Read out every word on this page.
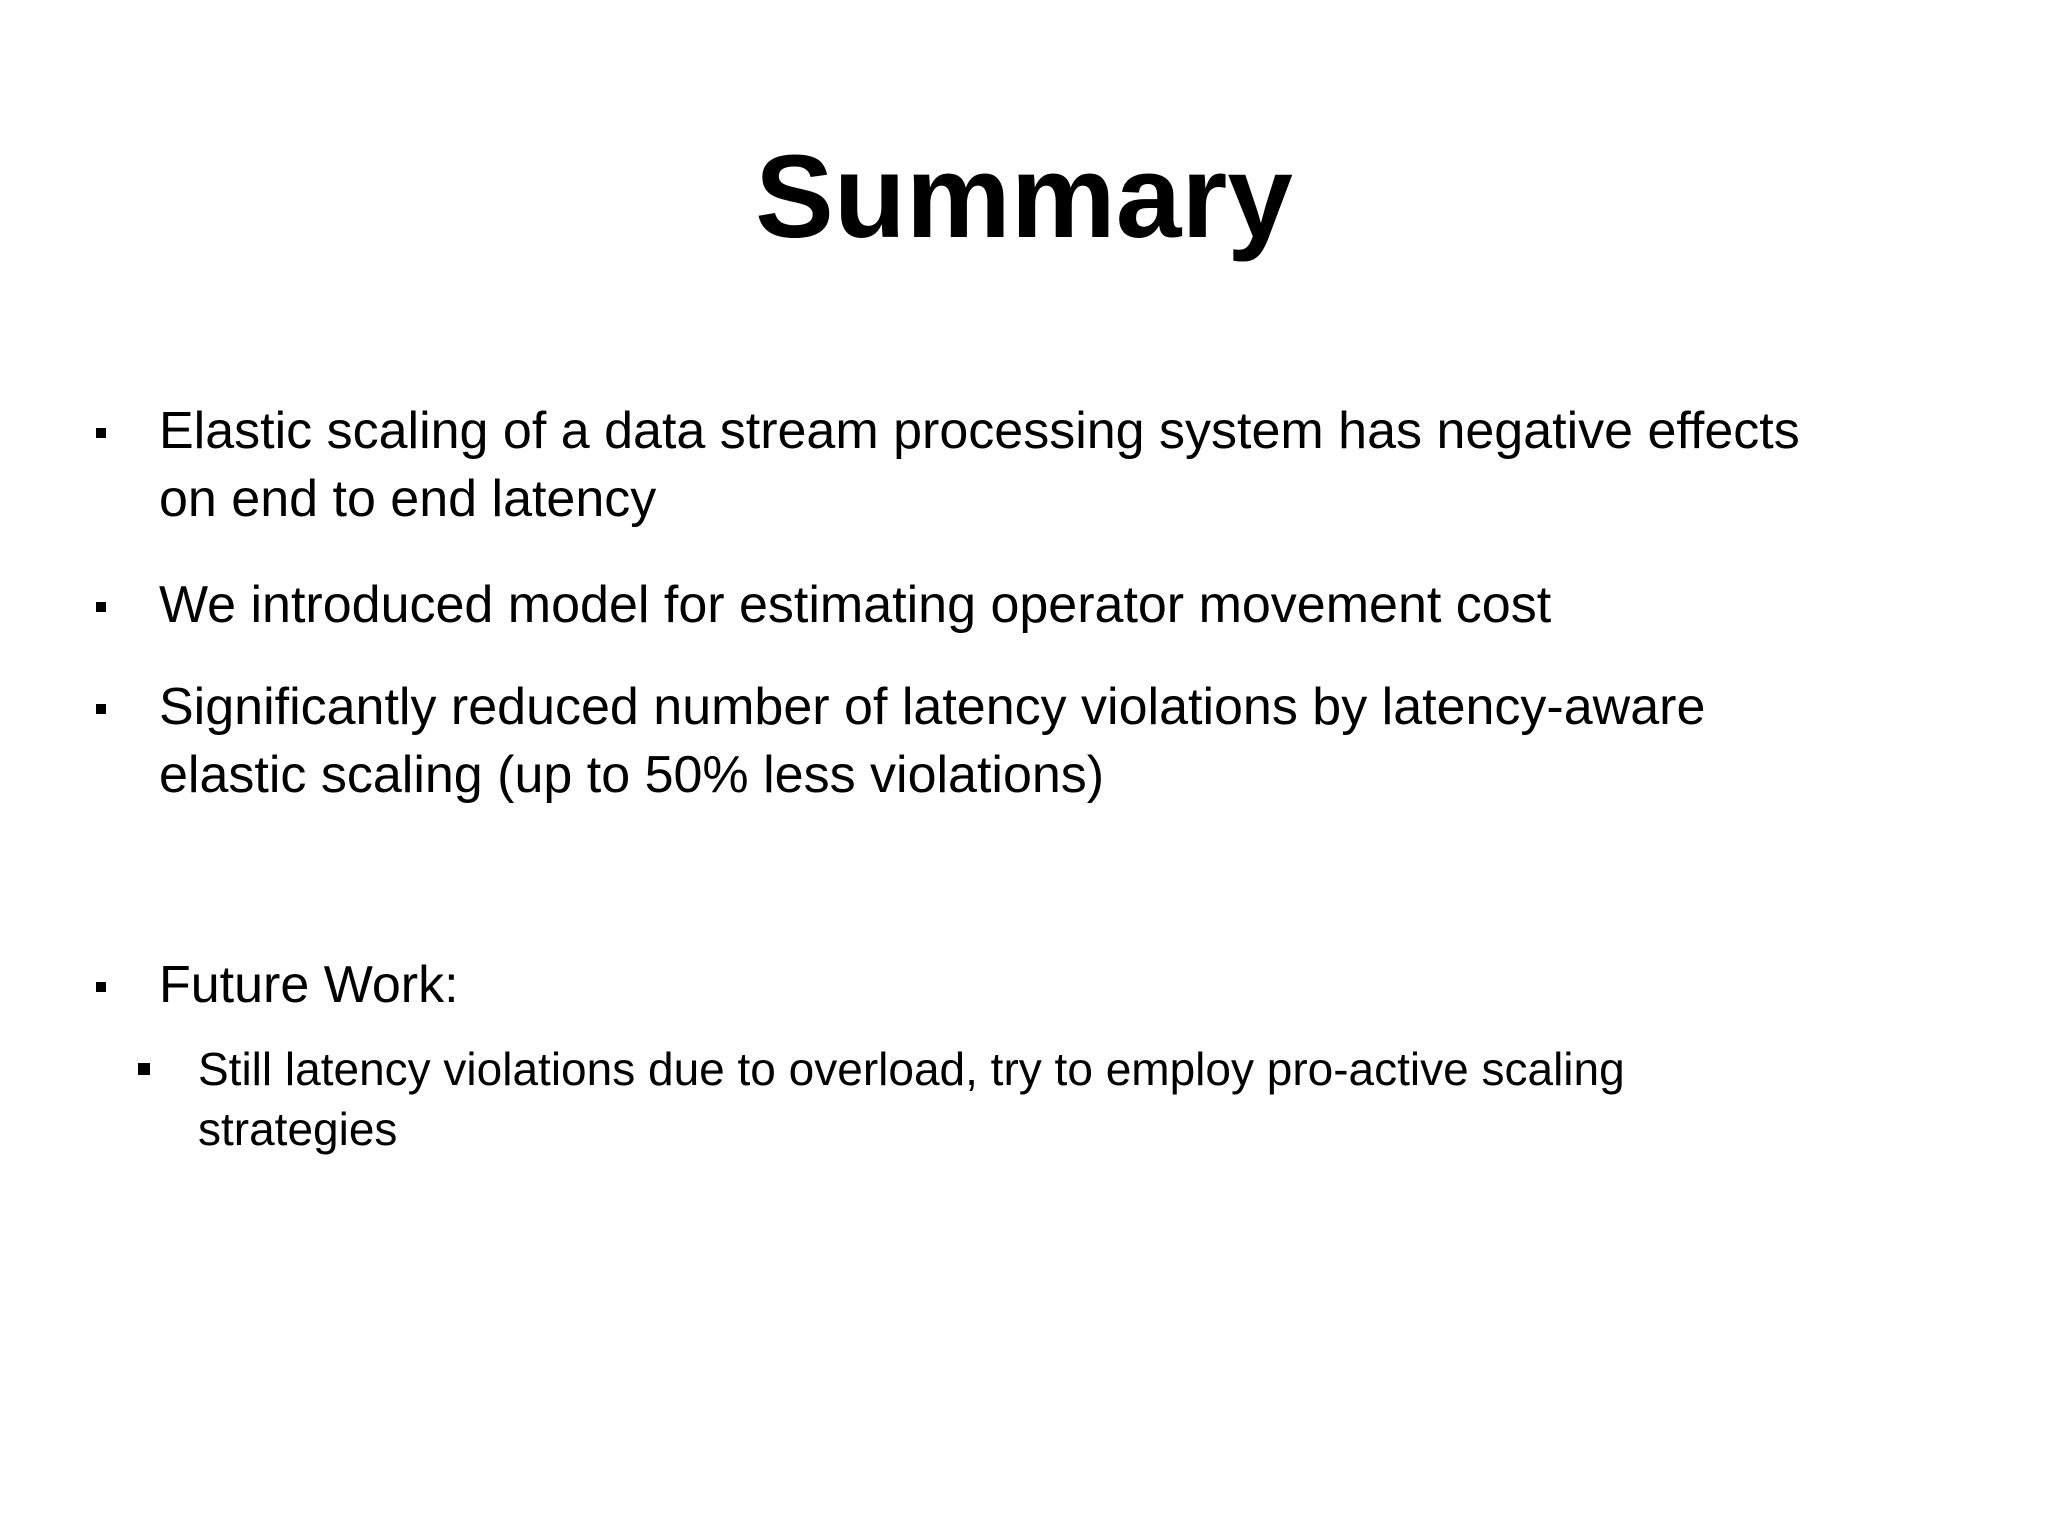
Summary
Elastic scaling of a data stream processing system has negative effects
on end to end latency
We introduced model for estimating operator movement cost
Significantly reduced number of latency violations by latency-aware
elastic scaling (up to 50% less violations)
Future Work:
Still latency violations due to overload, try to employ pro-active scaling
strategies
